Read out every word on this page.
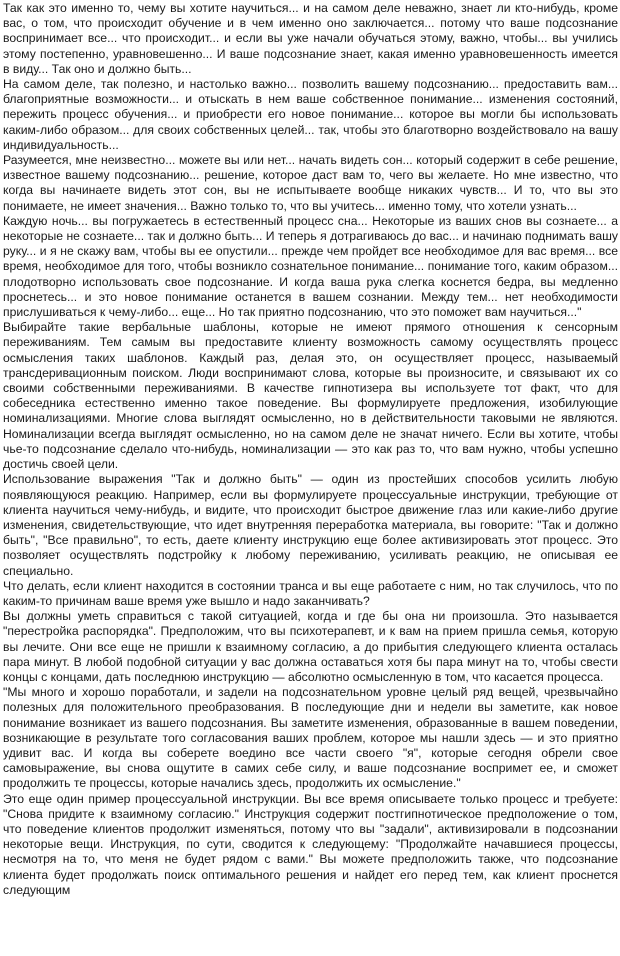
Так как это именно то, чему вы хотите научиться... и на самом деле неважно, знает ли кто-нибудь, кроме вас, о том, что происходит обучение и в чем именно оно заключается... потому что ваше подсознание воспринимает все... что происходит... и если вы уже начали обучаться этому, важно, чтобы... вы учились этому постепенно, уравновешенно... И ваше подсознание знает, какая именно уравновешенность имеется в виду... Так оно и должно быть...

На самом деле, так полезно, и настолько важно... позволить вашему подсознанию... предоставить вам... благоприятные возможности... и отыскать в нем ваше собственное понимание... изменения состояний, пережить процесс обучения... и приобрести его новое понимание... которое вы могли бы использовать каким-либо образом... для своих собственных целей... так, чтобы это благотворно воздействовало на вашу индивидуальность...

Разумеется, мне неизвестно... можете вы или нет... начать видеть сон... который содержит в себе решение, известное вашему подсознанию... решение, которое даст вам то, чего вы желаете. Но мне известно, что когда вы начинаете видеть этот сон, вы не испытываете вообще никаких чувств... И то, что вы это понимаете, не имеет значения... Важно только то, что вы учитесь... именно тому, что хотели узнать...

Каждую ночь... вы погружаетесь в естественный процесс сна... Некоторые из ваших снов вы сознаете... а некоторые не сознаете... так и должно быть... И теперь я дотрагиваюсь до вас... и начинаю поднимать вашу руку... и я не скажу вам, чтобы вы ее опустили... прежде чем пройдет все необходимое для вас время... все время, необходимое для того, чтобы возникло сознательное понимание... понимание того, каким образом... плодотворно использовать свое подсознание. И когда ваша рука слегка коснется бедра, вы медленно проснетесь... и это новое понимание останется в вашем сознании. Между тем... нет необходимости прислушиваться к чему-либо... еще... Но так приятно подсознанию, что это поможет вам научиться..."

Выбирайте такие вербальные шаблоны, которые не имеют прямого отношения к сенсорным переживаниям. Тем самым вы предоставите клиенту возможность самому осуществлять процесс осмысления таких шаблонов. Каждый раз, делая это, он осуществляет процесс, называемый трансдеривационным поиском. Люди воспринимают слова, которые вы произносите, и связывают их со своими собственными переживаниями. В качестве гипнотизера вы используете тот факт, что для собеседника естественно именно такое поведение. Вы формулируете предложения, изобилующие номинализациями. Многие слова выглядят осмысленно, но в действительности таковыми не являются. Номинализации всегда выглядят осмысленно, но на самом деле не значат ничего. Если вы хотите, чтобы чье-то подсознание сделало что-нибудь, номинализации — это как раз то, что вам нужно, чтобы успешно достичь своей цели.

Использование выражения "Так и должно быть" — один из простейших способов усилить любую появляющуюся реакцию. Например, если вы формулируете процессуальные инструкции, требующие от клиента научиться чему-нибудь, и видите, что происходит быстрое движение глаз или какие-либо другие изменения, свидетельствующие, что идет внутренняя переработка материала, вы говорите: "Так и должно быть", "Все правильно", то есть, даете клиенту инструкцию еще более активизировать этот процесс. Это позволяет осуществлять подстройку к любому переживанию, усиливать реакцию, не описывая ее специально.

Что делать, если клиент находится в состоянии транса и вы еще работаете с ним, но так случилось, что по каким-то причинам ваше время уже вышло и надо заканчивать?

Вы должны уметь справиться с такой ситуацией, когда и где бы она ни произошла. Это называется "перестройка распорядка". Предположим, что вы психотерапевт, и к вам на прием пришла семья, которую вы лечите. Они все еще не пришли к взаимному согласию, а до прибытия следующего клиента осталась пара минут. В любой подобной ситуации у вас должна оставаться хотя бы пара минут на то, чтобы свести концы с концами, дать последнюю инструкцию — абсолютно осмысленную в том, что касается процесса.

"Мы много и хорошо поработали, и задели на подсознательном уровне целый ряд вещей, чрезвычайно полезных для положительного преобразования. В последующие дни и недели вы заметите, как новое понимание возникает из вашего подсознания. Вы заметите изменения, образованные в вашем поведении, возникающие в результате того согласования ваших проблем, которое мы нашли здесь — и это приятно удивит вас. И когда вы соберете воедино все части своего "я", которые сегодня обрели свое самовыражение, вы снова ощутите в самих себе силу, и ваше подсознание воспримет ее, и сможет продолжить те процессы, которые начались здесь, продолжить их осмысление."

Это еще один пример процессуальной инструкции. Вы все время описываете только процесс и требуете: "Снова придите к взаимному согласию." Инструкция содержит постгипнотическое предположение о том, что поведение клиентов продолжит изменяться, потому что вы "задали", активизировали в подсознании некоторые вещи. Инструкция, по сути, сводится к следующему: "Продолжайте начавшиеся процессы, несмотря на то, что меня не будет рядом с вами." Вы можете предположить также, что подсознание клиента будет продолжать поиск оптимального решения и найдет его перед тем, как клиент проснется следующим
